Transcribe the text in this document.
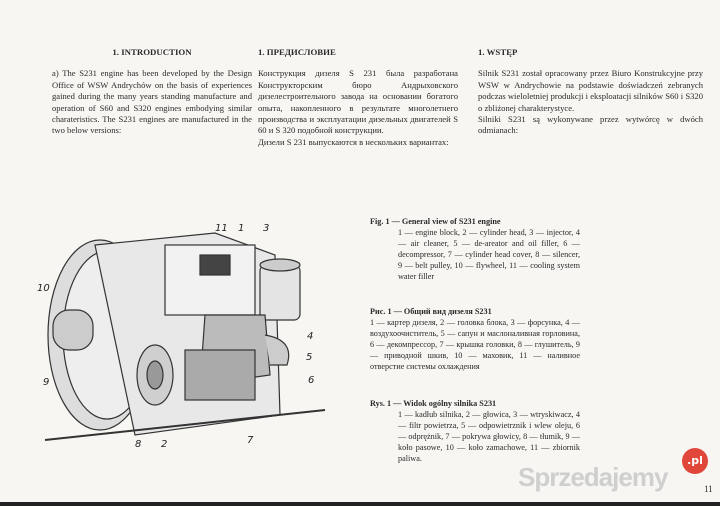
1. INTRODUCTION
a) The S231 engine has been developed by the Design Office of WSW Andrychów on the basis of experiences gained during the many years standing manufacture and operation of S60 and S320 engines embodying similar charateristics. The S231 engines are manufactured in the two below versions:
1. ПРЕДИСЛОВИЕ
Конструкция дизеля S 231 была разработана Конструкторским бюро Андрыховского дизелестроительного завода на основании богатого опыта, накопленного в результате многолетнего производства и эксплуатации дизельных двигателей S 60 и S 320 подобной конструкции.
Дизели S 231 выпускаются в нескольких вариантах:
1. WSTĘP
Silnik S231 został opracowany przez Biuro Konstrukcyjne przy WSW w Andrychowie na podstawie doświadczeń zebranych podczas wieloletniej produkcji i eksploatacji silników S60 i S320 o zbliżonej charakterystyce.
Silniki S231 są wykonywane przez wytwórcę w dwóch odmianach:
11 1 3
10
4
5
6
9
8 2	7
Fig. 1 — General view of S231 engine
1 — engine block, 2 — cylinder head, 3 — injector, 4 — air cleaner, 5 — de-areator and oil filler, 6 — decompressor, 7 — cylinder head cover, 8 — silencer, 9 — belt pulley, 10 — flywheel, 11 — cooling system water filler
Рис. 1 — Общий вид дизеля S231
1 — картер дизеля, 2 — головка блока, 3 — форсунка, 4 — воздухоочиститель, 5 — сапун и маслоналивная горловина, 6 — декомпрессор, 7 — крышка головки, 8 — глушитель, 9 — приводной шкив, 10 — маховик, 11 — наливное отверстие системы охлаждения
Rys. 1 — Widok ogólny silnika S231
1 — kadłub silnika, 2 — głowica, 3 — wtryskiwacz, 4 — filtr powietrza, 5 — odpowietrznik i wlew oleju, 6 — odprężnik, 7 — pokrywa głowicy, 8 — tłumik, 9 — koło pasowe, 10 — koło zamachowe, 11 — zbiornik paliwa.
Sprzedajemy
.pl
11
